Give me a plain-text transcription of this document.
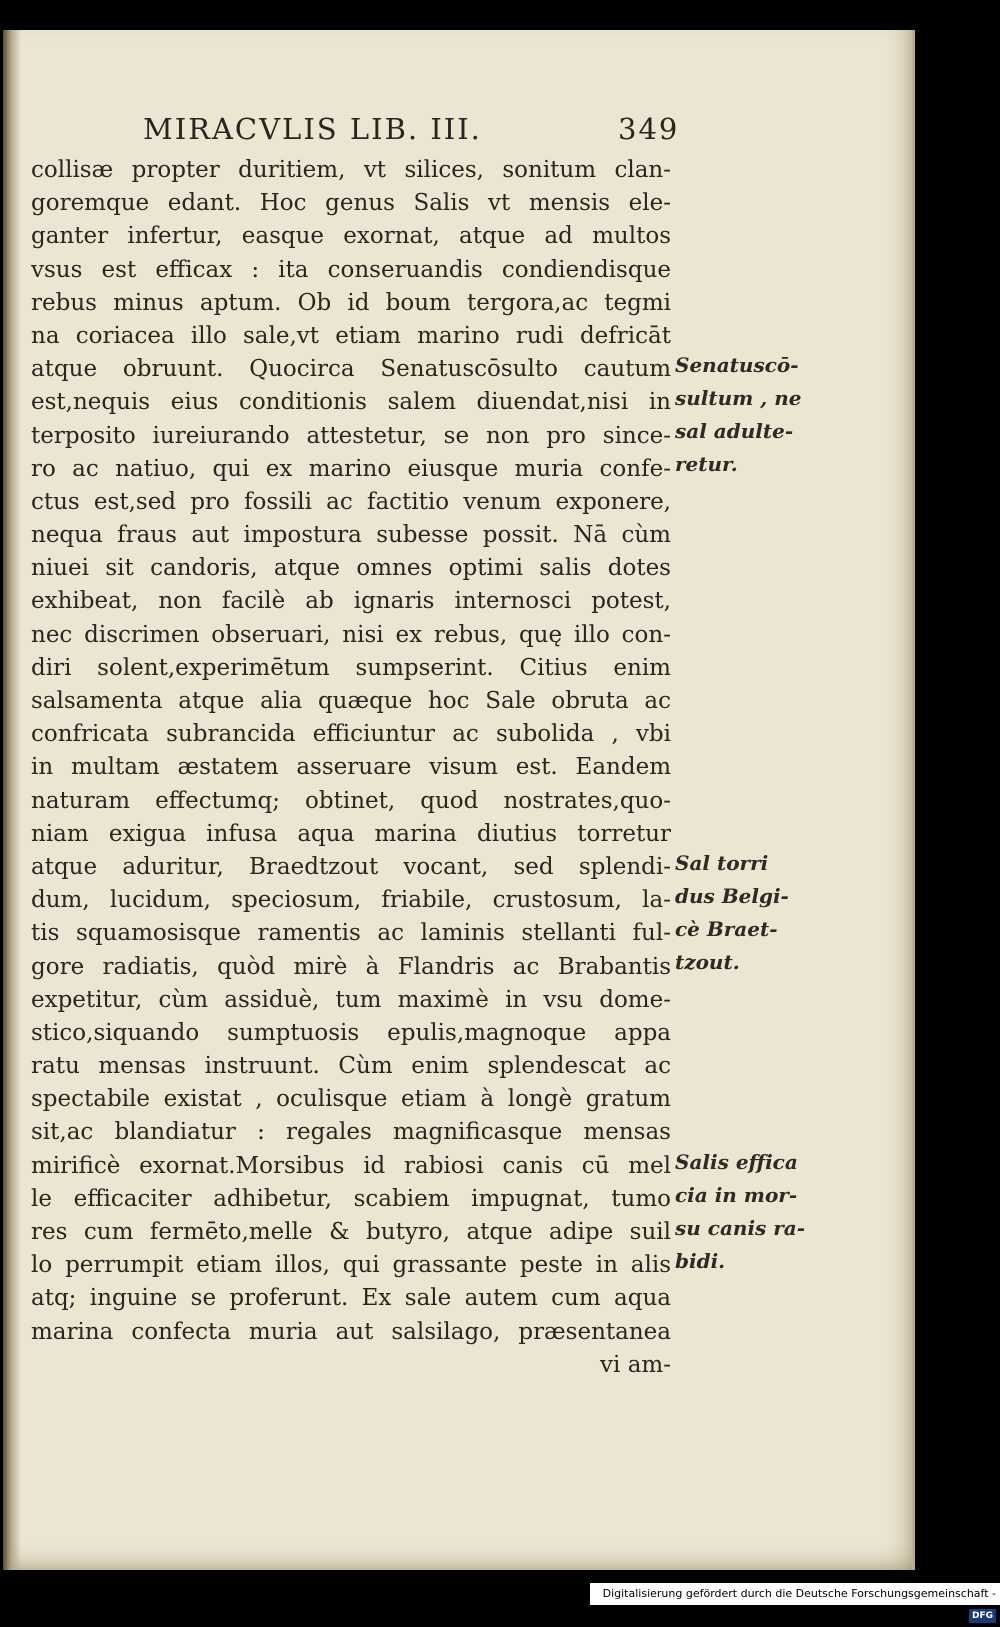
MIRACVLIS LIB. III.	349
collisæ propter duritiem, vt silices, sonitum clan-
goremque edant. Hoc genus Salis vt mensis ele-
ganter infertur, easque exornat, atque ad multos
vsus est efficax : ita conseruandis condiendisque
rebus minus aptum. Ob id boum tergora,ac tegmi
na coriacea illo sale,vt etiam marino rudi defricāt
atque obruunt. Quocirca Senatuscōsulto cautum
est,nequis eius conditionis salem diuendat,nisi in
terposito iureiurando attestetur, se non pro since-
ro ac natiuo, qui ex marino eiusque muria confe-
ctus est,sed pro fossili ac factitio venum exponere,
nequa fraus aut impostura subesse possit. Nā cùm
niuei sit candoris, atque omnes optimi salis dotes
exhibeat, non facilè ab ignaris internosci potest,
nec discrimen obseruari, nisi ex rebus, quę illo con-
diri solent,experimētum sumpserint. Citius enim
salsamenta atque alia quæque hoc Sale obruta ac
confricata subrancida efficiuntur ac subolida , vbi
in multam æstatem asseruare visum est. Eandem
naturam effectumq; obtinet, quod nostrates,quo-
niam exigua infusa aqua marina diutius torretur
atque aduritur, Braedtzout vocant, sed splendi-
dum, lucidum, speciosum, friabile, crustosum, la-
tis squamosisque ramentis ac laminis stellanti ful-
gore radiatis, quòd mirè à Flandris ac Brabantis
expetitur, cùm assiduè, tum maximè in vsu dome-
stico,siquando sumptuosis epulis,magnoque appa
ratu mensas instruunt. Cùm enim splendescat ac
spectabile existat , oculisque etiam à longè gratum
sit,ac blandiatur : regales magnificasque mensas
mirificè exornat.Morsibus id rabiosi canis cū mel
le efficaciter adhibetur, scabiem impugnat, tumo
res cum fermēto,melle & butyro, atque adipe suil
lo perrumpit etiam illos, qui grassante peste in alis
atq; inguine se proferunt. Ex sale autem cum aqua
marina confecta muria aut salsilago, præsentanea
vi am-
Senatuscō-
sultum , ne
sal adulte-
retur.
Sal torri
dus Belgi-
cè Braet-
tzout.
Salis effica
cia in mor-
su canis ra-
bidi.
Digitalisierung gefördert durch die Deutsche Forschungsgemeinschaft -DFG
